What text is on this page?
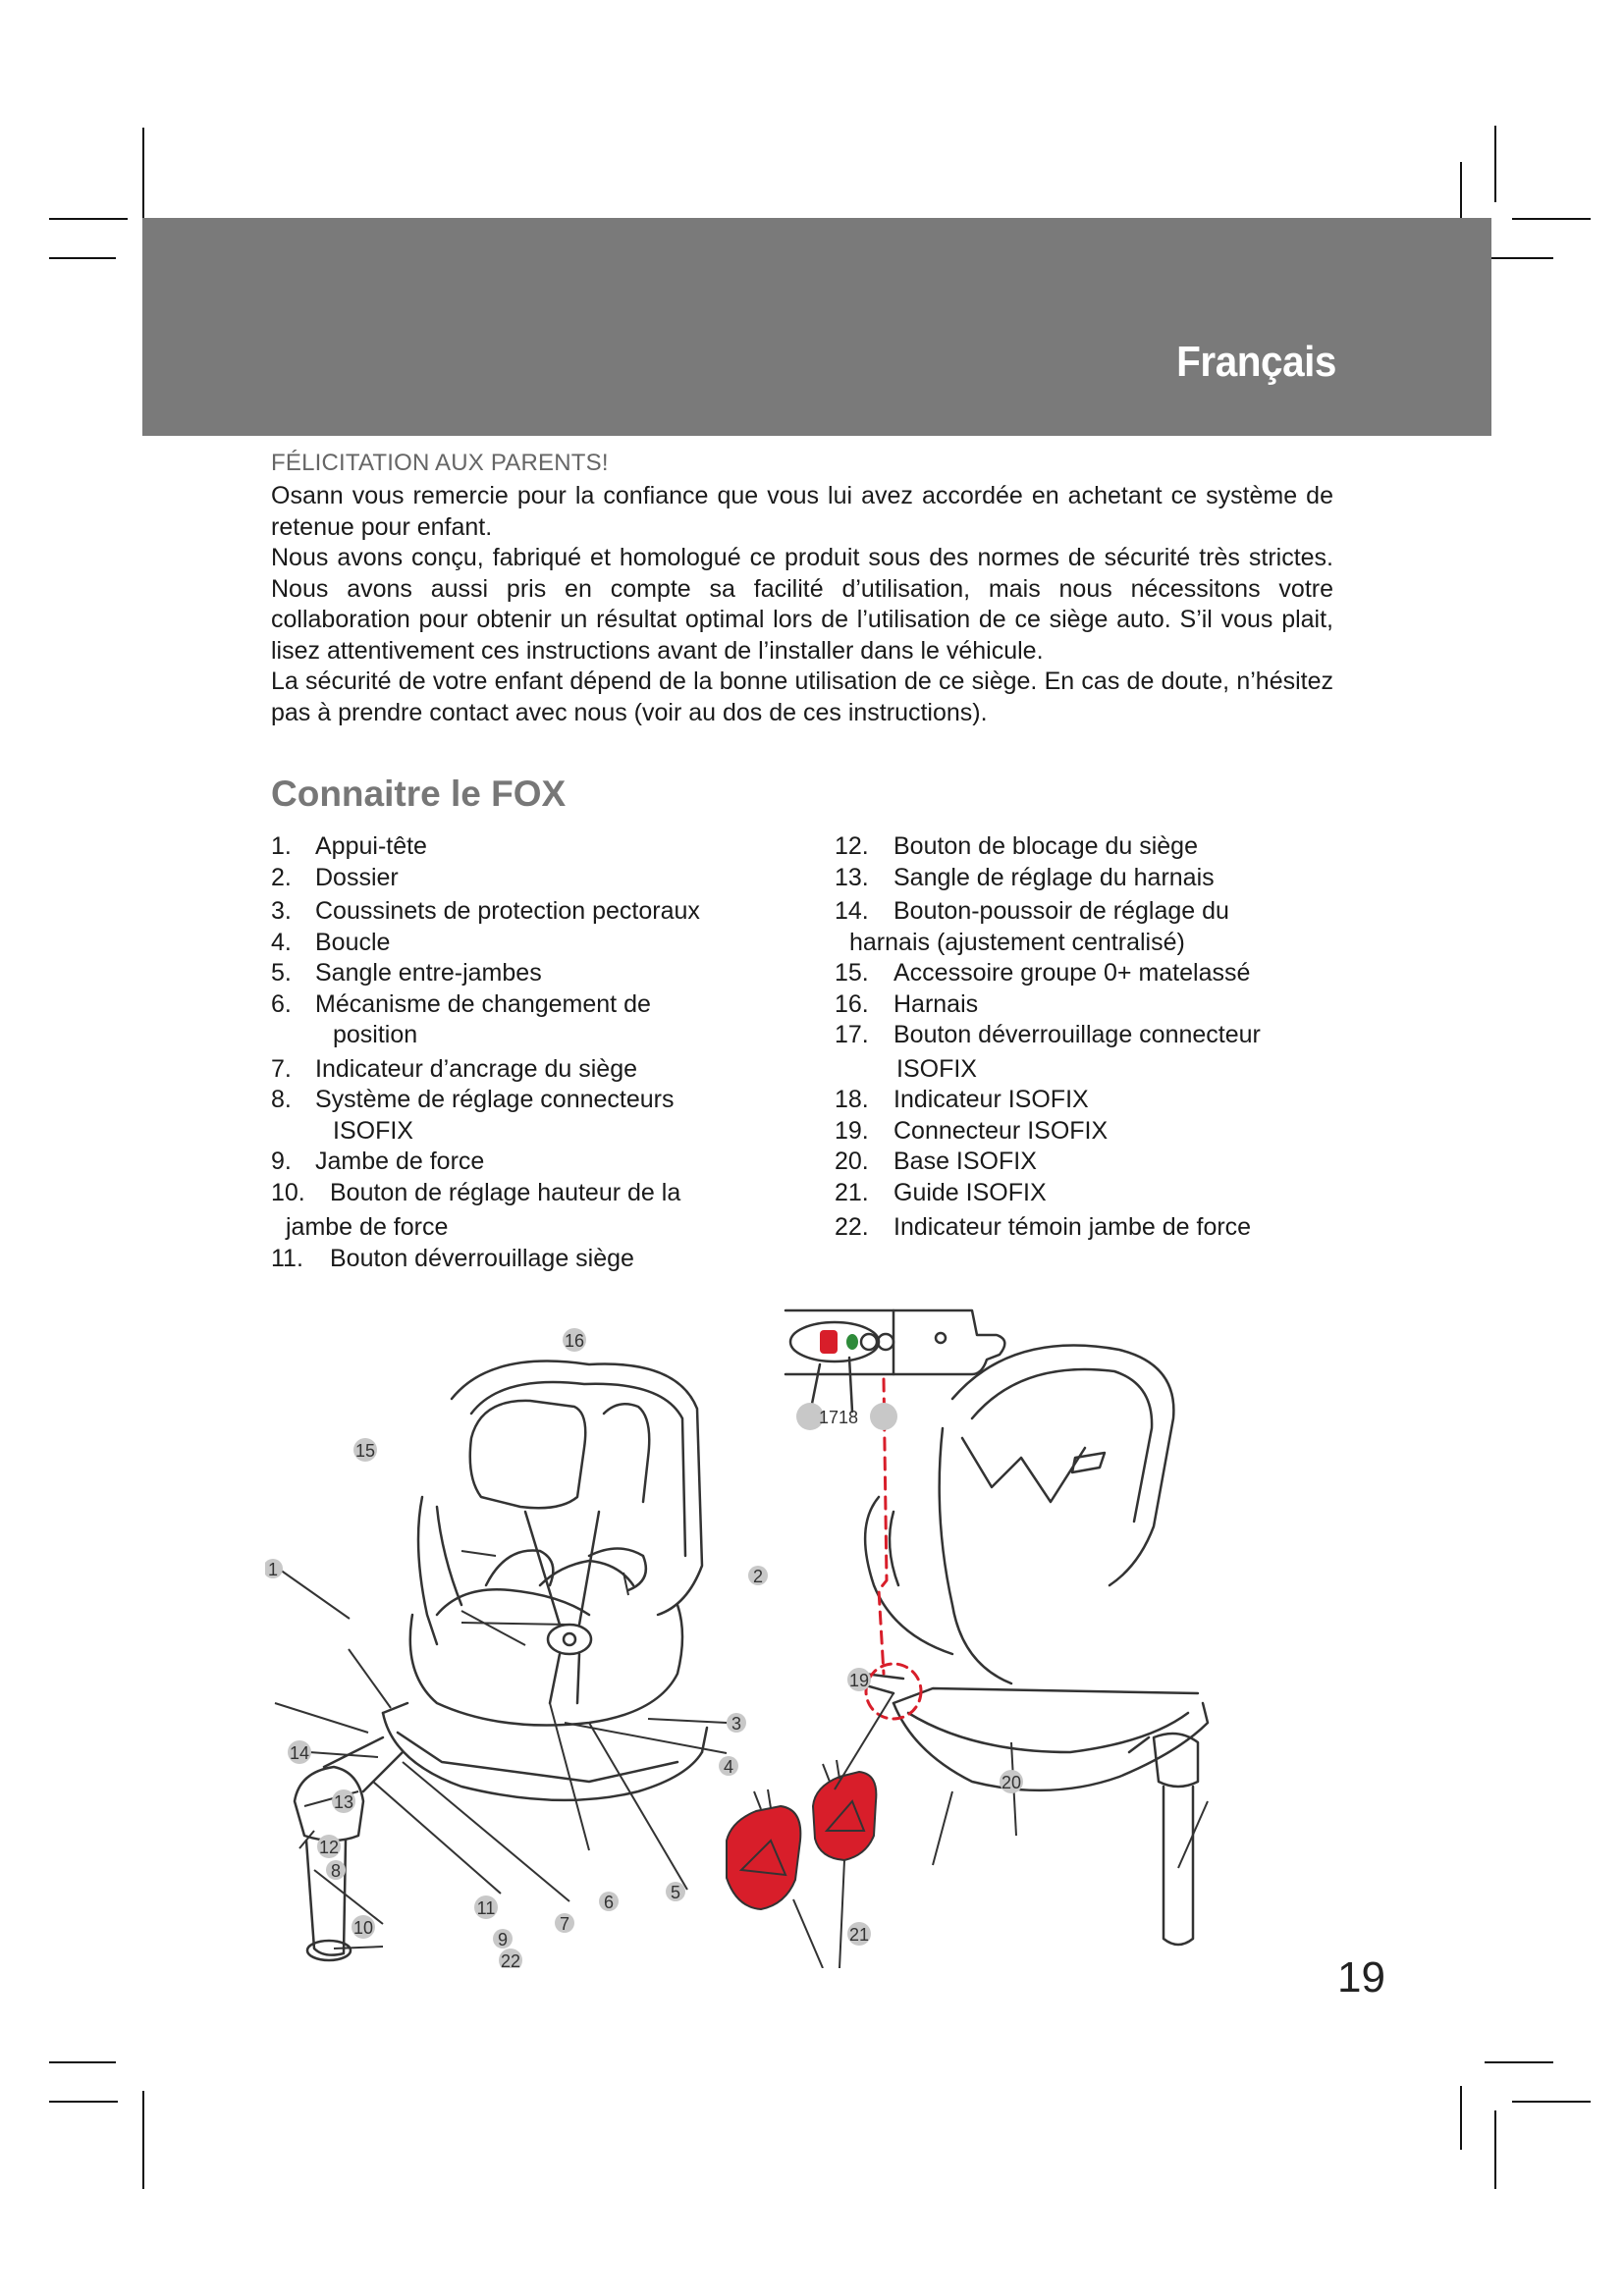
Français
FÉLICITATION AUX PARENTS!

Osann vous remercie pour la confiance que vous lui avez accordée en achetant ce système de retenue pour enfant.

Nous avons conçu, fabriqué et homologué ce produit sous des normes de sécurité très strictes. Nous avons aussi pris en compte sa facilité d’utilisation, mais nous nécessitons votre collaboration pour obtenir un résultat optimal lors de l’utilisation de ce siège auto. S’il vous plait, lisez attentivement ces instructions avant de l’installer dans le véhicule.

La sécurité de votre enfant dépend de la bonne utilisation de ce siège. En cas de doute, n’hésitez pas à prendre contact avec nous (voir au dos de ces instructions).

Connaitre le FOX
1. Appui-tête
2. Dossier
3. Coussinets de protection pectoraux
4. Boucle
5. Sangle entre-jambes
6. Mécanisme de changement de
position
7. Indicateur d’ancrage du siège
8. Système de réglage connecteurs
ISOFIX
9. Jambe de force
10. Bouton de réglage hauteur de la
jambe de force
11. Bouton déverrouillage siège
12. Bouton de blocage du siège
13. Sangle de réglage du harnais
14. Bouton-poussoir de réglage du
harnais (ajustement centralisé)
15. Accessoire groupe 0+ matelassé
16. Harnais
17. Bouton déverrouillage connecteur
ISOFIX
18. Indicateur ISOFIX
19. Connecteur ISOFIX
20. Base ISOFIX
21. Guide ISOFIX
22. Indicateur témoin jambe de force
1	2
3
4
5
6
7
8
9
10
11
12
13
14
15
16
1718
19
20
21
22	19
